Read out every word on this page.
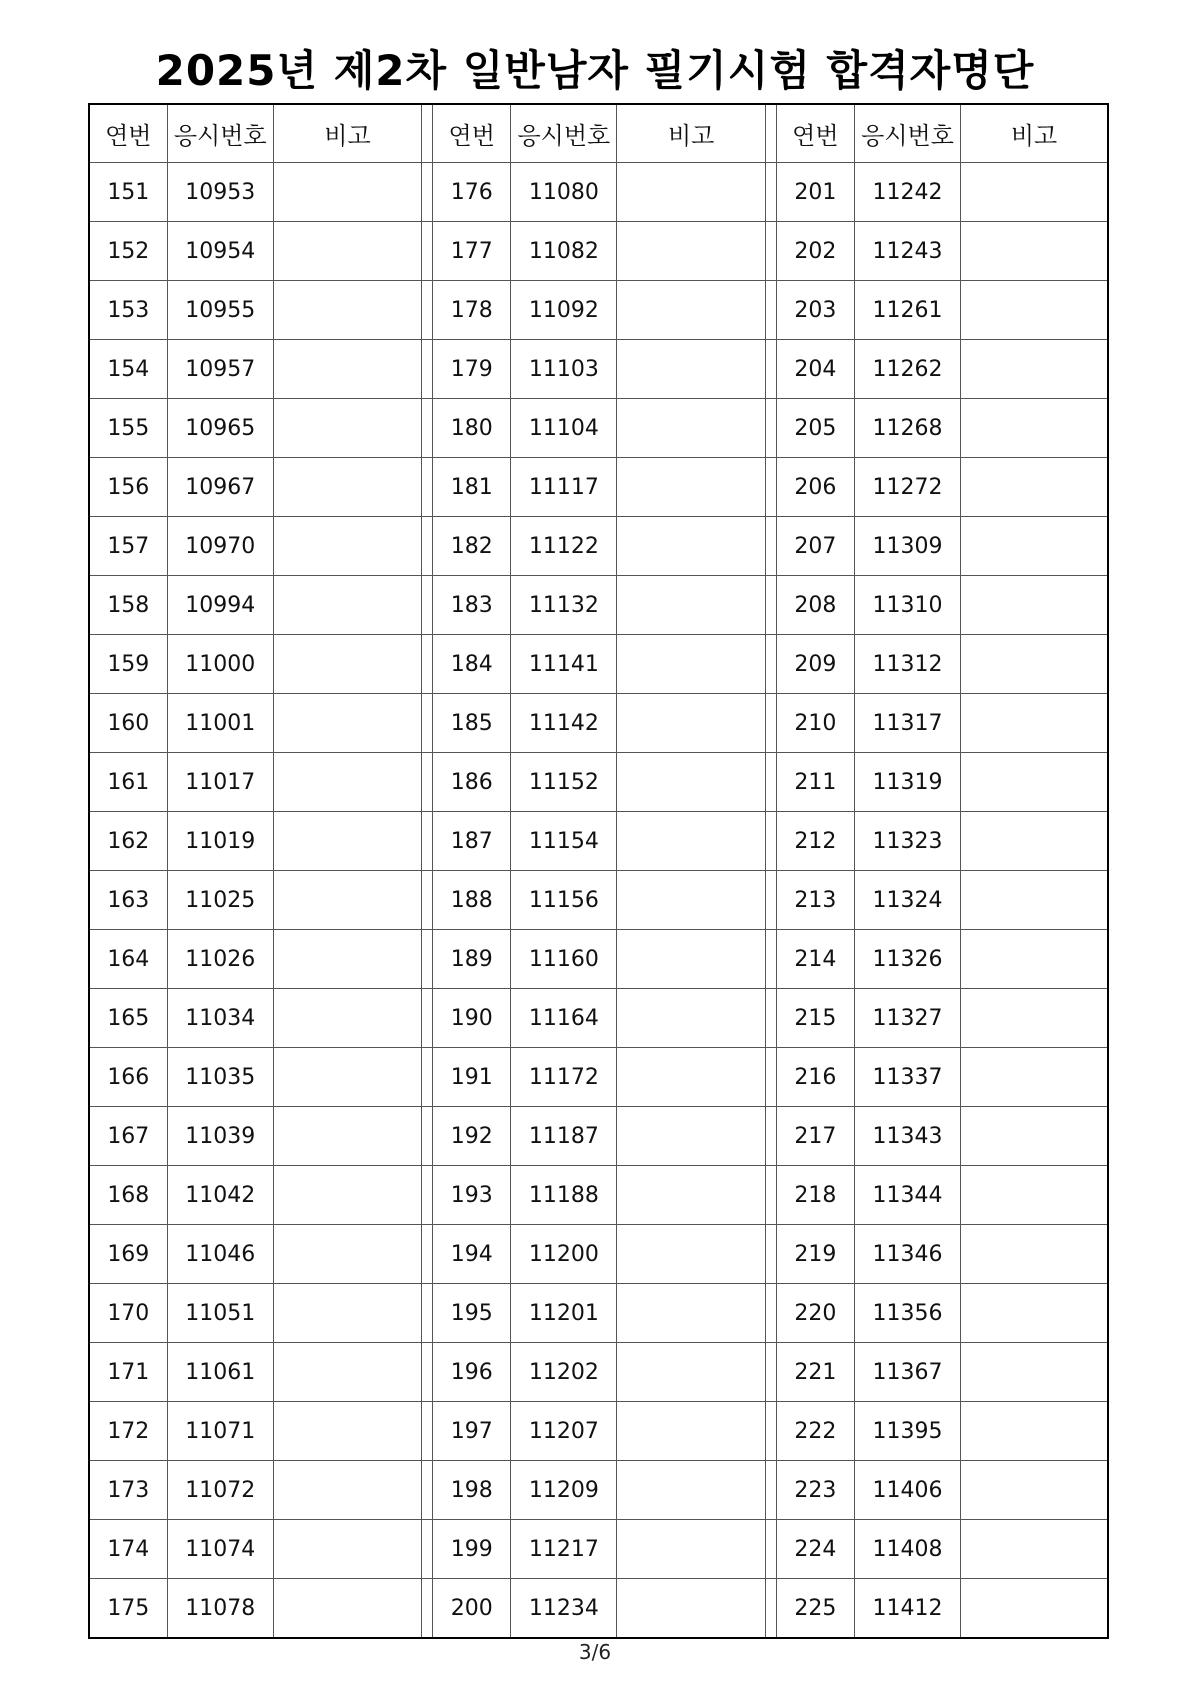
2025년 제2차 일반남자 필기시험 합격자명단
연번	응시번호	비고		연번	응시번호	비고		연번	응시번호	비고
151	10953			176	11080			201	11242	
152	10954			177	11082			202	11243	
153	10955			178	11092			203	11261	
154	10957			179	11103			204	11262	
155	10965			180	11104			205	11268	
156	10967			181	11117			206	11272	
157	10970			182	11122			207	11309	
158	10994			183	11132			208	11310	
159	11000			184	11141			209	11312	
160	11001			185	11142			210	11317	
161	11017			186	11152			211	11319	
162	11019			187	11154			212	11323	
163	11025			188	11156			213	11324	
164	11026			189	11160			214	11326	
165	11034			190	11164			215	11327	
166	11035			191	11172			216	11337	
167	11039			192	11187			217	11343	
168	11042			193	11188			218	11344	
169	11046			194	11200			219	11346	
170	11051			195	11201			220	11356	
171	11061			196	11202			221	11367	
172	11071			197	11207			222	11395	
173	11072			198	11209			223	11406	
174	11074			199	11217			224	11408	
175	11078			200	11234			225	11412	
3/6
